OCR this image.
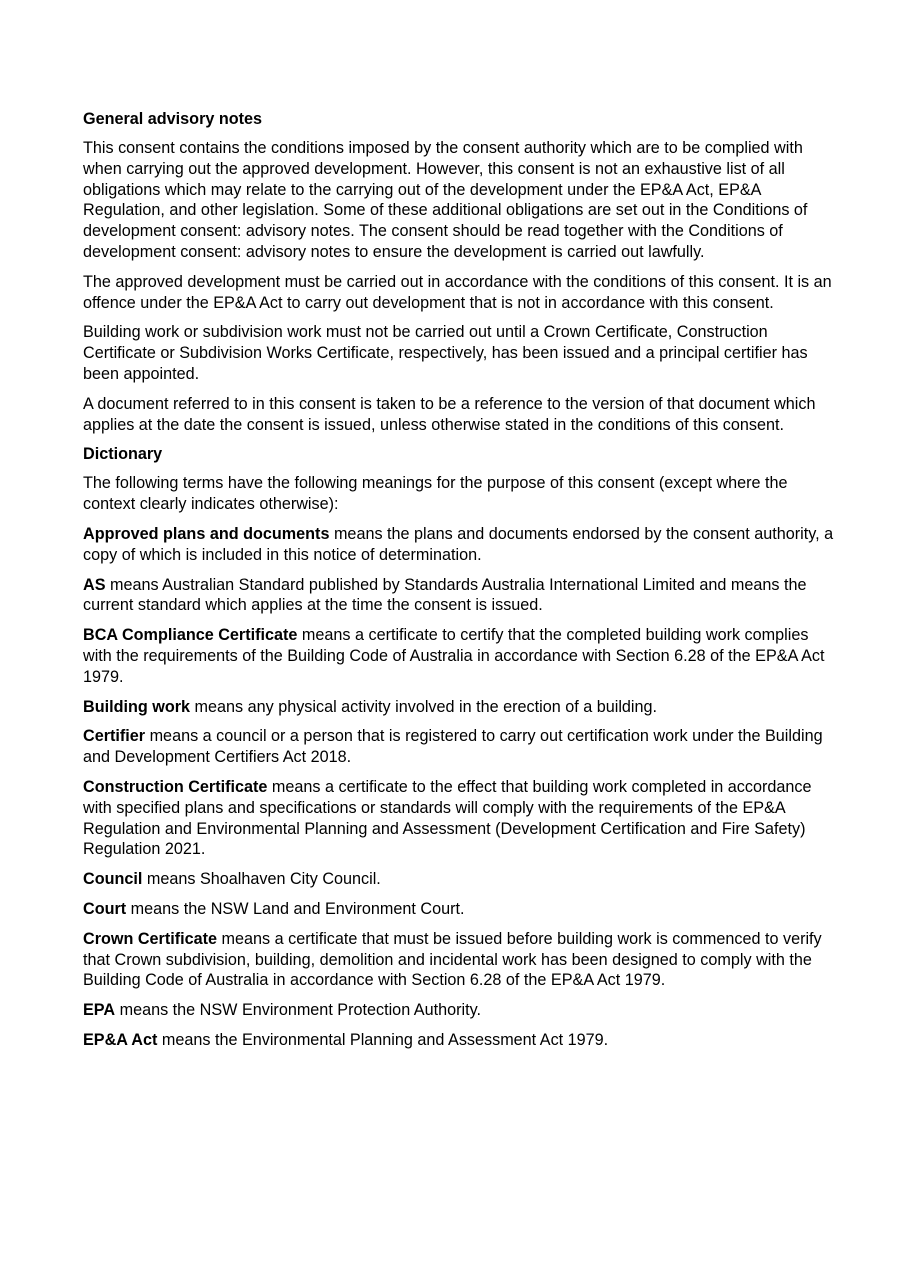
General advisory notes

This consent contains the conditions imposed by the consent authority which are to be complied with when carrying out the approved development. However, this consent is not an exhaustive list of all obligations which may relate to the carrying out of the development under the EP&A Act, EP&A Regulation, and other legislation. Some of these additional obligations are set out in the Conditions of development consent: advisory notes. The consent should be read together with the Conditions of development consent: advisory notes to ensure the development is carried out lawfully.

The approved development must be carried out in accordance with the conditions of this consent. It is an offence under the EP&A Act to carry out development that is not in accordance with this consent.

Building work or subdivision work must not be carried out until a Crown Certificate, Construction Certificate or Subdivision Works Certificate, respectively, has been issued and a principal certifier has been appointed.

A document referred to in this consent is taken to be a reference to the version of that document which applies at the date the consent is issued, unless otherwise stated in the conditions of this consent.

Dictionary

The following terms have the following meanings for the purpose of this consent (except where the context clearly indicates otherwise):

Approved plans and documents means the plans and documents endorsed by the consent authority, a copy of which is included in this notice of determination.

AS means Australian Standard published by Standards Australia International Limited and means the current standard which applies at the time the consent is issued.

BCA Compliance Certificate means a certificate to certify that the completed building work complies with the requirements of the Building Code of Australia in accordance with Section 6.28 of the EP&A Act 1979.

Building work means any physical activity involved in the erection of a building.

Certifier means a council or a person that is registered to carry out certification work under the Building and Development Certifiers Act 2018.

Construction Certificate means a certificate to the effect that building work completed in accordance with specified plans and specifications or standards will comply with the requirements of the EP&A Regulation and Environmental Planning and Assessment (Development Certification and Fire Safety) Regulation 2021.

Council means Shoalhaven City Council.

Court means the NSW Land and Environment Court.

Crown Certificate means a certificate that must be issued before building work is commenced to verify that Crown subdivision, building, demolition and incidental work has been designed to comply with the Building Code of Australia in accordance with Section 6.28 of the EP&A Act 1979.

EPA means the NSW Environment Protection Authority.

EP&A Act means the Environmental Planning and Assessment Act 1979.
